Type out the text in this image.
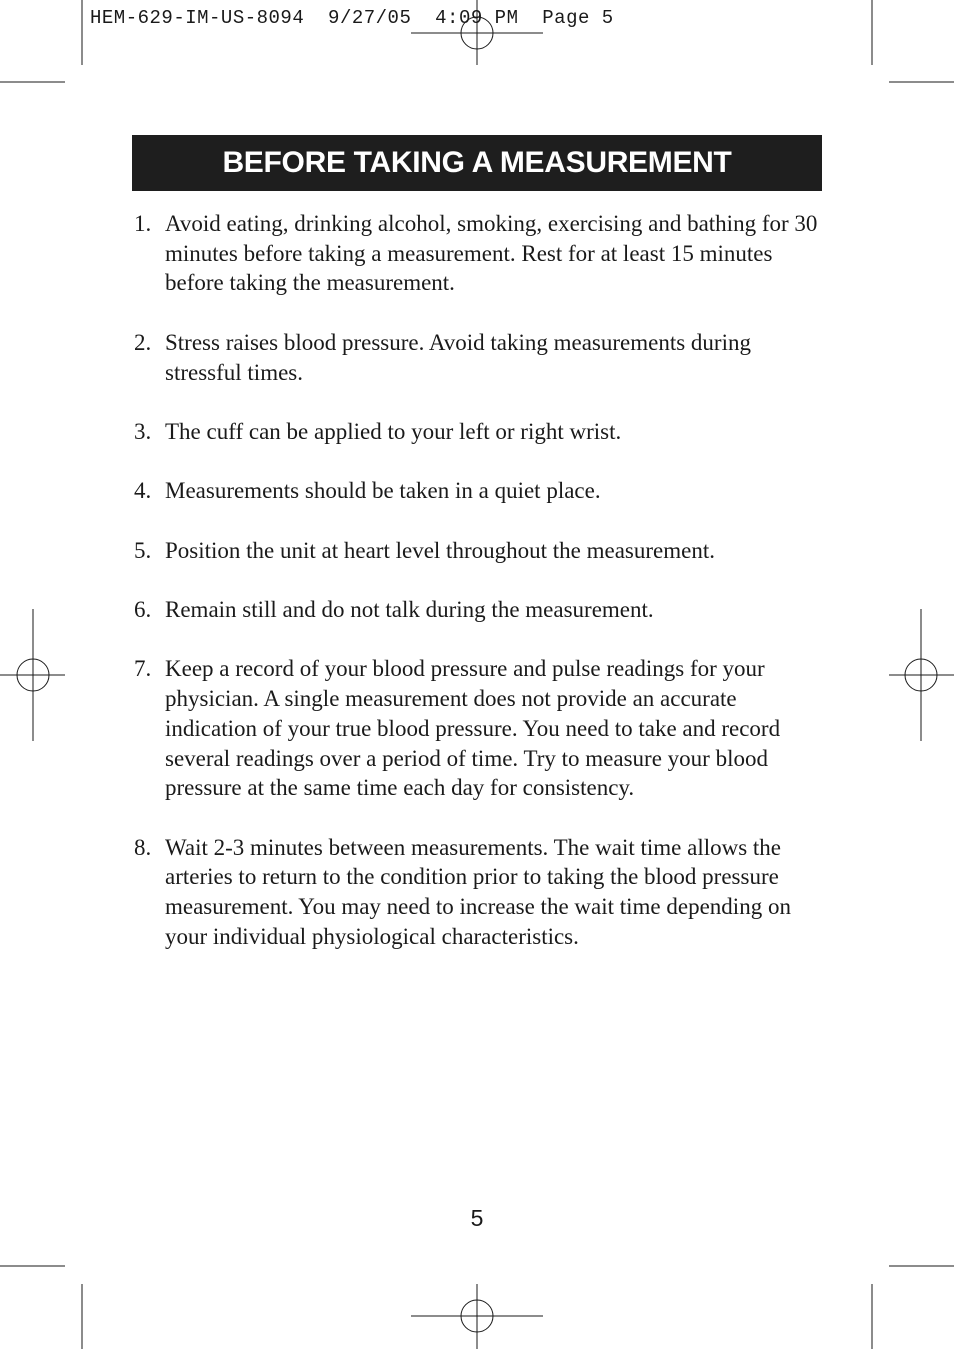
HEM-629-IM-US-8094  9/27/05  4:09 PM  Page 5

BEFORE TAKING A MEASUREMENT
1. Avoid eating, drinking alcohol, smoking, exercising and bathing for 30 minutes before taking a measurement. Rest for at least 15 minutes before taking the measurement.
2. Stress raises blood pressure. Avoid taking measurements during stressful times.
3. The cuff can be applied to your left or right wrist.
4. Measurements should be taken in a quiet place.
5. Position the unit at heart level throughout the measurement.
6. Remain still and do not talk during the measurement.
7. Keep a record of your blood pressure and pulse readings for your physician. A single measurement does not provide an accurate indication of your true blood pressure. You need to take and record several readings over a period of time. Try to measure your blood pressure at the same time each day for consistency.
8. Wait 2-3 minutes between measurements. The wait time allows the arteries to return to the condition prior to taking the blood pressure measurement. You may need to increase the wait time depending on your individual physiological characteristics.

5
